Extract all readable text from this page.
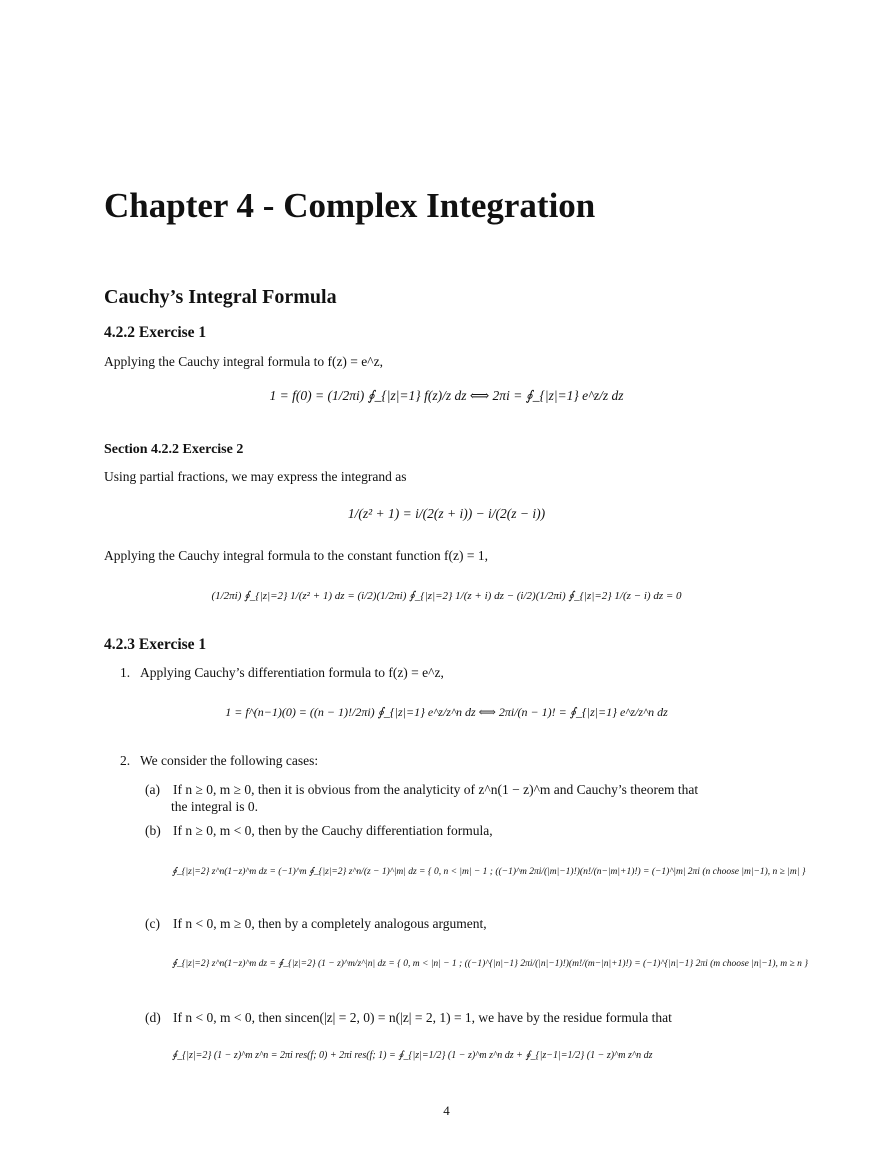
Chapter 4 - Complex Integration
Cauchy’s Integral Formula
4.2.2 Exercise 1

Applying the Cauchy integral formula to f(z) = e^z,

1 = f(0) = (1/2πi) ∮_{|z|=1} f(z)/z dz ⟺ 2πi = ∮_{|z|=1} e^z/z dz
Section 4.2.2 Exercise 2

Using partial fractions, we may express the integrand as

1/(z² + 1) = i/(2(z + i)) − i/(2(z − i))

Applying the Cauchy integral formula to the constant function f(z) = 1,

(1/2πi) ∮_{|z|=2} 1/(z² + 1) dz = (i/2)(1/2πi) ∮_{|z|=2} 1/(z + i) dz − (i/2)(1/2πi) ∮_{|z|=2} 1/(z − i) dz = 0
4.2.3 Exercise 1

1. Applying Cauchy’s differentiation formula to f(z) = e^z,

1 = f^(n−1)(0) = ((n − 1)!/2πi) ∮_{|z|=1} e^z/z^n dz ⟺ 2πi/(n − 1)! = ∮_{|z|=1} e^z/z^n dz

2. We consider the following cases:

(a) If n ≥ 0, m ≥ 0, then it is obvious from the analyticity of z^n(1 − z)^m and Cauchy’s theorem that

the integral is 0.

(b) If n ≥ 0, m < 0, then by the Cauchy differentiation formula,

∮_{|z|=2} z^n(1−z)^m dz = (−1)^m ∮_{|z|=2} z^n/(z − 1)^|m| dz = { 0, n < |m| − 1 ; ((−1)^m 2πi/(|m|−1)!)(n!/(n−|m|+1)!) = (−1)^|m| 2πi (n choose |m|−1), n ≥ |m| }

(c) If n < 0, m ≥ 0, then by a completely analogous argument,

∮_{|z|=2} z^n(1−z)^m dz = ∮_{|z|=2} (1 − z)^m/z^|n| dz = { 0, m < |n| − 1 ; ((−1)^{|n|−1} 2πi/(|n|−1)!)(m!/(m−|n|+1)!) = (−1)^{|n|−1} 2πi (m choose |n|−1), m ≥ n }

(d) If n < 0, m < 0, then sincen(|z| = 2, 0) = n(|z| = 2, 1) = 1, we have by the residue formula that

∮_{|z|=2} (1 − z)^m z^n = 2πi res(f; 0) + 2πi res(f; 1) = ∮_{|z|=1/2} (1 − z)^m z^n dz + ∮_{|z−1|=1/2} (1 − z)^m z^n dz
4
